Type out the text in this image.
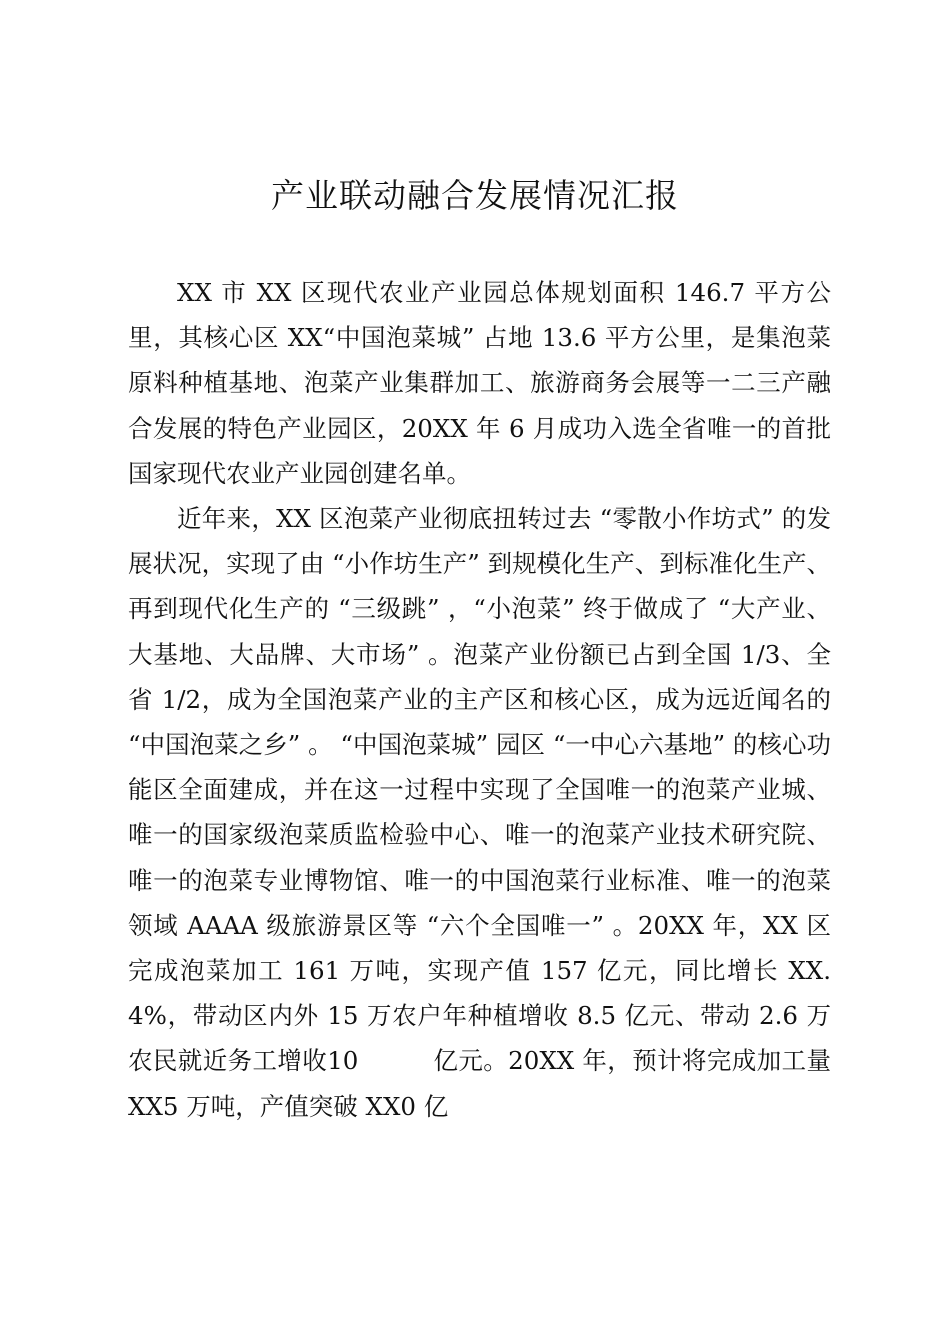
产业联动融合发展情况汇报

XX 市 XX 区现代农业产业园总体规划面积 146.7 平方公里，其核心区 XX“中国泡菜城” 占地 13.6 平方公里，是集泡菜原料种植基地、泡菜产业集群加工、旅游商务会展等一二三产融合发展的特色产业园区，20XX 年 6 月成功入选全省唯一的首批国家现代农业产业园创建名单。

近年来，XX 区泡菜产业彻底扭转过去 “零散小作坊式” 的发展状况，实现了由 “小作坊生产” 到规模化生产、到标准化生产、再到现代化生产的 “三级跳” ，“小泡菜” 终于做成了 “大产业、大基地、大品牌、大市场” 。泡菜产业份额已占到全国 1/3、全省 1/2，成为全国泡菜产业的主产区和核心区，成为远近闻名的 “中国泡菜之乡” 。 “中国泡菜城” 园区 “一中心六基地” 的核心功能区全面建成，并在这一过程中实现了全国唯一的泡菜产业城、唯一的国家级泡菜质监检验中心、唯一的泡菜产业技术研究院、唯一的泡菜专业博物馆、唯一的中国泡菜行业标准、唯一的泡菜领域 AAAA 级旅游景区等 “六个全国唯一” 。20XX 年，XX 区完成泡菜加工 161 万吨，实现产值 157 亿元，同比增长 XX.4%，带动区内外 15 万农户年种植增收 8.5 亿元、带动 2.6 万农民就近务工增收10　　　亿元。20XX 年，预计将完成加工量 XX5 万吨，产值突破 XX0 亿
